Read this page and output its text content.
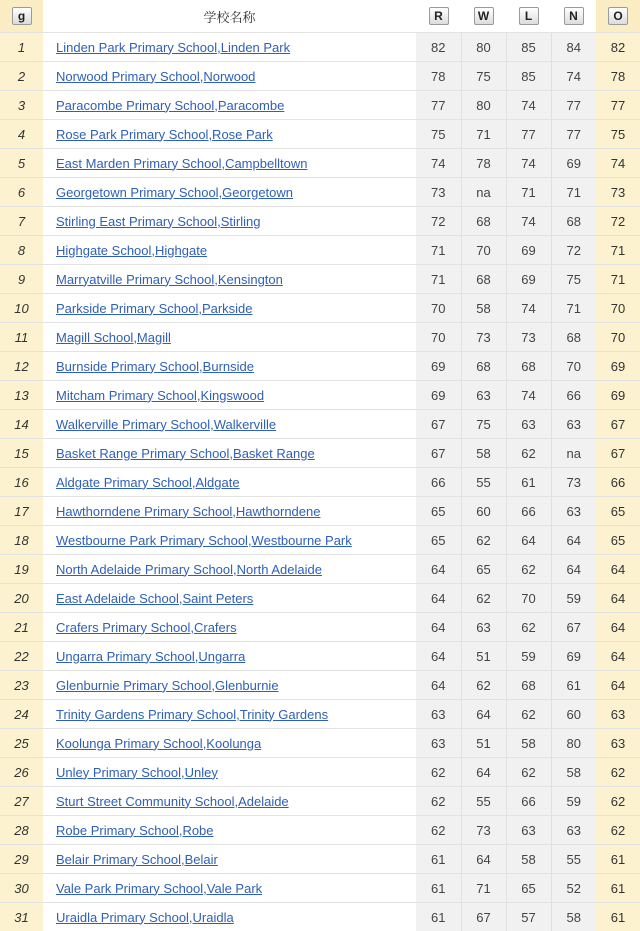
g	学校名称	R	W	L	N	O
1	Linden Park Primary School,Linden Park	82	80	85	84	82
2	Norwood Primary School,Norwood	78	75	85	74	78
3	Paracombe Primary School,Paracombe	77	80	74	77	77
4	Rose Park Primary School,Rose Park	75	71	77	77	75
5	East Marden Primary School,Campbelltown	74	78	74	69	74
6	Georgetown Primary School,Georgetown	73	na	71	71	73
7	Stirling East Primary School,Stirling	72	68	74	68	72
8	Highgate School,Highgate	71	70	69	72	71
9	Marryatville Primary School,Kensington	71	68	69	75	71
10	Parkside Primary School,Parkside	70	58	74	71	70
11	Magill School,Magill	70	73	73	68	70
12	Burnside Primary School,Burnside	69	68	68	70	69
13	Mitcham Primary School,Kingswood	69	63	74	66	69
14	Walkerville Primary School,Walkerville	67	75	63	63	67
15	Basket Range Primary School,Basket Range	67	58	62	na	67
16	Aldgate Primary School,Aldgate	66	55	61	73	66
17	Hawthorndene Primary School,Hawthorndene	65	60	66	63	65
18	Westbourne Park Primary School,Westbourne Park	65	62	64	64	65
19	North Adelaide Primary School,North Adelaide	64	65	62	64	64
20	East Adelaide School,Saint Peters	64	62	70	59	64
21	Crafers Primary School,Crafers	64	63	62	67	64
22	Ungarra Primary School,Ungarra	64	51	59	69	64
23	Glenburnie Primary School,Glenburnie	64	62	68	61	64
24	Trinity Gardens Primary School,Trinity Gardens	63	64	62	60	63
25	Koolunga Primary School,Koolunga	63	51	58	80	63
26	Unley Primary School,Unley	62	64	62	58	62
27	Sturt Street Community School,Adelaide	62	55	66	59	62
28	Robe Primary School,Robe	62	73	63	63	62
29	Belair Primary School,Belair	61	64	58	55	61
30	Vale Park Primary School,Vale Park	61	71	65	52	61
31	Uraidla Primary School,Uraidla	61	67	57	58	61
